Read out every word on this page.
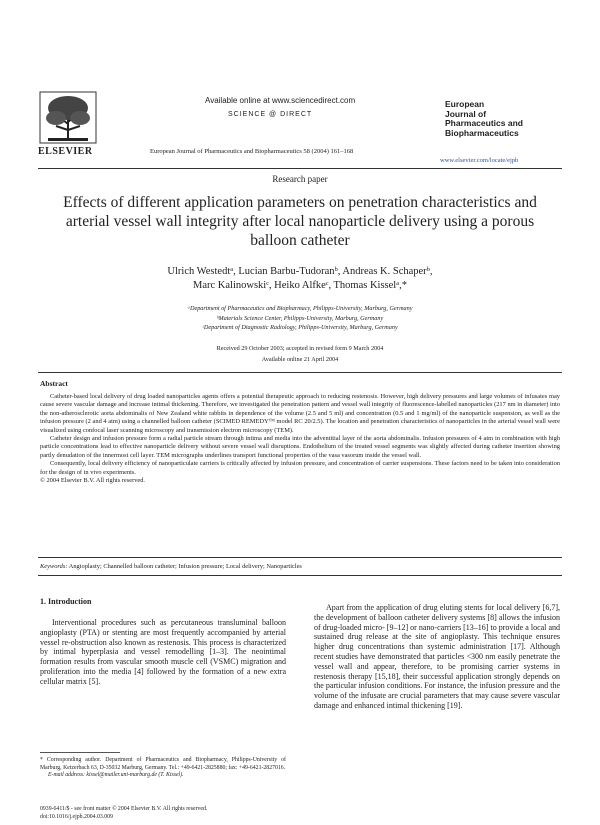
ELSEVIER
Available online at www.sciencedirect.com
SCIENCE @ DIRECT
European Journal of Pharmaceutics and Biopharmaceutics 58 (2004) 161–168
European
Journal of
Pharmaceutics and
Biopharmaceutics
www.elsevier.com/locate/ejpb
Research paper
Effects of different application parameters on penetration characteristics and arterial vessel wall integrity after local nanoparticle delivery using a porous balloon catheter
Ulrich Westedtᵃ, Lucian Barbu-Tudoranᵇ, Andreas K. Schaperᵇ,
Marc Kalinowskiᶜ, Heiko Alfkeᶜ, Thomas Kisselᵃ,*
ᵃDepartment of Pharmaceutics and Biopharmacy, Philipps-University, Marburg, Germany
ᵇMaterials Science Center, Philipps-University, Marburg, Germany
ᶜDepartment of Diagnostic Radiology, Philipps-University, Marburg, Germany
Received 29 October 2003; accepted in revised form 9 March 2004
Available online 21 April 2004
Abstract

Catheter-based local delivery of drug loaded nanoparticles agents offers a potential therapeutic approach to reducing restenosis. However, high delivery pressures and large volumes of infusates may cause severe vascular damage and increase intimal thickening. Therefore, we investigated the penetration pattern and vessel wall integrity of fluorescence-labelled nanoparticles (217 nm in diameter) into the non-atherosclerotic aorta abdominalis of New Zealand white rabbits in dependence of the volume (2.5 and 5 ml) and concentration (0.5 and 1 mg/ml) of the nanoparticle suspension, as well as the infusion pressure (2 and 4 atm) using a channelled balloon catheter (SCIMED REMEDY™ model RC 20/2.5). The location and penetration characteristics of nanoparticles in the arterial vessel wall were visualized using confocal laser scanning microscopy and transmission electron microscopy (TEM).

Catheter design and infusion pressure form a radial particle stream through intima and media into the adventitial layer of the aorta abdominalis. Infusion pressures of 4 atm in combination with high particle concentrations lead to effective nanoparticle delivery without severe vessel wall disruptions. Endothelium of the treated vessel segments was slightly affected during catheter insertion showing partly denudation of the innermost cell layer. TEM micrographs underlines transport functional properties of the vasa vasorum inside the vessel wall.

Consequently, local delivery efficiency of nanoparticulate carriers is critically affected by infusion pressure, and concentration of carrier suspensions. These factors need to be taken into consideration for the design of in vivo experiments.

© 2004 Elsevier B.V. All rights reserved.

Keywords: Angioplasty; Channelled balloon catheter; Infusion pressure; Local delivery; Nanoparticles
1. Introduction

Interventional procedures such as percutaneous transluminal balloon angioplasty (PTA) or stenting are most frequently accompanied by arterial vessel re-obstruction also known as restenosis. This process is characterized by intimal hyperplasia and vessel remodelling [1–3]. The neointimal formation results from vascular smooth muscle cell (VSMC) migration and proliferation into the media [4] followed by the formation of a new extra cellular matrix [5].

Apart from the application of drug eluting stents for local delivery [6,7], the development of balloon catheter delivery systems [8] allows the infusion of drug-loaded micro- [9–12] or nano-carriers [13–16] to provide a local and sustained drug release at the site of angioplasty. This technique ensures higher drug concentrations than systemic administration [17]. Although recent studies have demonstrated that particles <300 nm easily penetrate the vessel wall and appear, therefore, to be promising carrier systems in restenosis therapy [15,18], their successful application strongly depends on the particular infusion conditions. For instance, the infusion pressure and the volume of the infusate are crucial parameters that may cause severe vascular damage and enhanced intimal thickening [19].

* Corresponding author. Department of Pharmaceutics and Biopharmacy, Philipps-University of Marburg, Ketzerbach 63, D-35032 Marburg, Germany. Tel.: +49-6421-2825880; fax: +49-6421-2827016.
E-mail address: kissel@mailer.uni-marburg.de (T. Kissel).
0939-6411/$ - see front matter © 2004 Elsevier B.V. All rights reserved.
doi:10.1016/j.ejpb.2004.03.009
